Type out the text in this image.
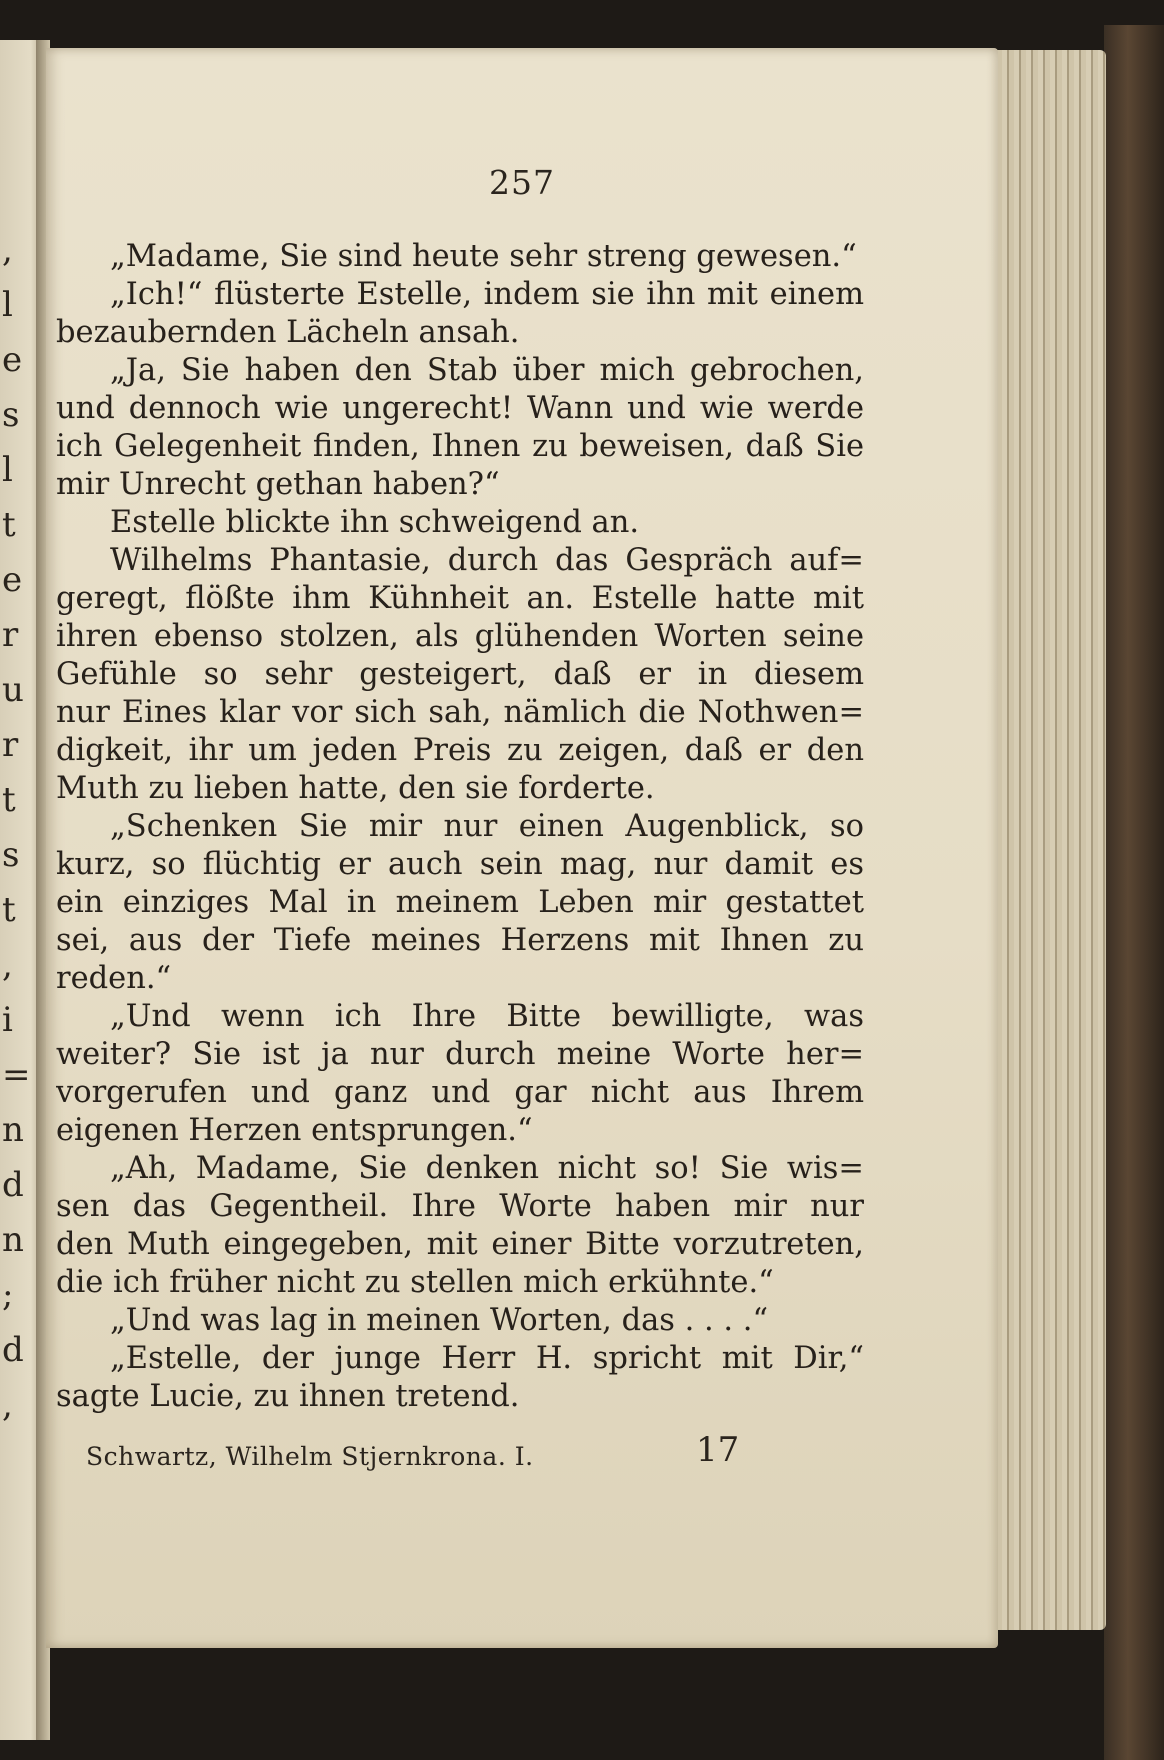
,
l
e
s
l
t
e
r
u
r
t
s
t
,
i
=
n
d
n
;
d
,
257
„Madame, Sie sind heute sehr streng gewesen.“
„Ich!“ flüsterte Estelle, indem sie ihn mit einem
bezaubernden Lächeln ansah.
„Ja, Sie haben den Stab über mich gebrochen,
und dennoch wie ungerecht! Wann und wie werde
ich Gelegenheit finden, Ihnen zu beweisen, daß Sie
mir Unrecht gethan haben?“
Estelle blickte ihn schweigend an.
Wilhelms Phantasie, durch das Gespräch auf=
geregt, flößte ihm Kühnheit an. Estelle hatte mit
ihren ebenso stolzen, als glühenden Worten seine
Gefühle so sehr gesteigert, daß er in diesem
nur Eines klar vor sich sah, nämlich die Nothwen=
digkeit, ihr um jeden Preis zu zeigen, daß er den
Muth zu lieben hatte, den sie forderte.
„Schenken Sie mir nur einen Augenblick, so
kurz, so flüchtig er auch sein mag, nur damit es
ein einziges Mal in meinem Leben mir gestattet
sei, aus der Tiefe meines Herzens mit Ihnen zu
reden.“
„Und wenn ich Ihre Bitte bewilligte, was
weiter? Sie ist ja nur durch meine Worte her=
vorgerufen und ganz und gar nicht aus Ihrem
eigenen Herzen entsprungen.“
„Ah, Madame, Sie denken nicht so! Sie wis=
sen das Gegentheil. Ihre Worte haben mir nur
den Muth eingegeben, mit einer Bitte vorzutreten,
die ich früher nicht zu stellen mich erkühnte.“
„Und was lag in meinen Worten, das . . . .“
„Estelle, der junge Herr H. spricht mit Dir,“
sagte Lucie, zu ihnen tretend.
Schwartz, Wilhelm Stjernkrona. I.	17
